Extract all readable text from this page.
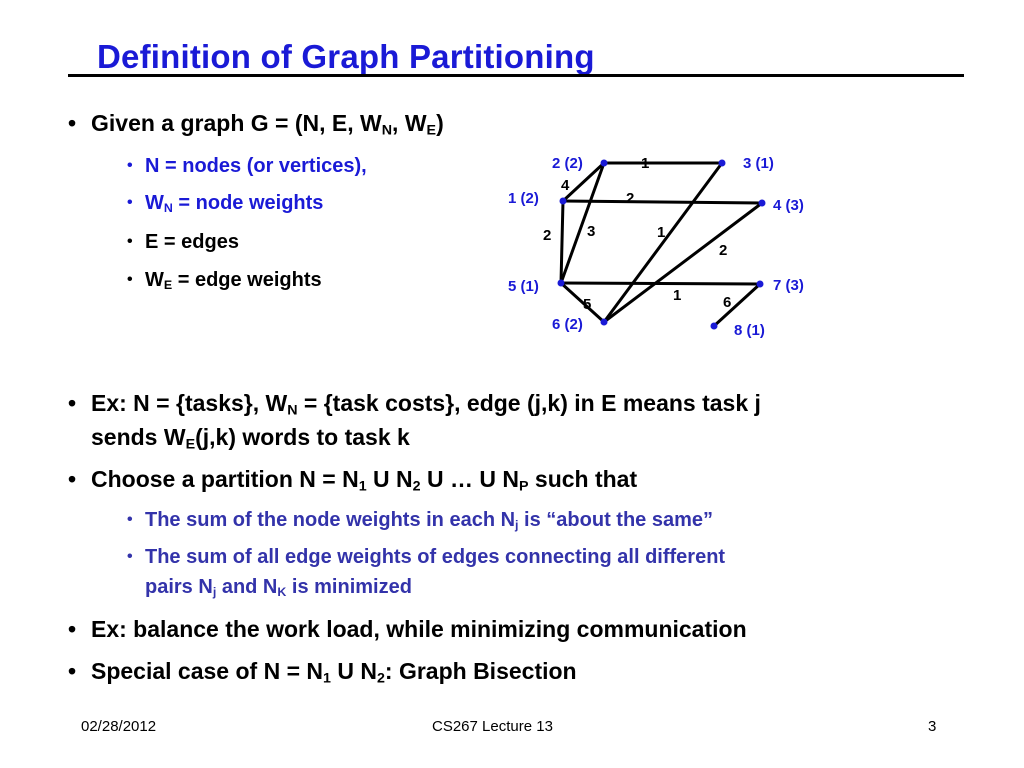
Definition of Graph Partitioning
• Given a graph G = (N, E, $W_N$, $W_E$)
• N = nodes (or vertices),
• $W_N$ = node weights
• E = edges
• $W_E$ = edge weights
2 (2)	3 (1)
1 (2)	4 (3)
5 (1)	7 (3)
6 (2)	8 (1)
1
4
2
2 3	1
2
1
5	6
• Ex: N = {tasks}, $W_N$ = {task costs}, edge (j,k) in E means task j
sends $W_E(j,k)$ words to task k
• Choose a partition $N = N_1$ U $N_2$ U … U $N_P$ such that
• The sum of the node weights in each $N_j$ is “about the same”
• The sum of all edge weights of edges connecting all different
pairs $N_j$ and $N_K$ is minimized
• Ex: balance the work load, while minimizing communication
• Special case of $N = N_1$ U $N_2$: Graph Bisection
02/28/2012	CS267 Lecture 13	3
